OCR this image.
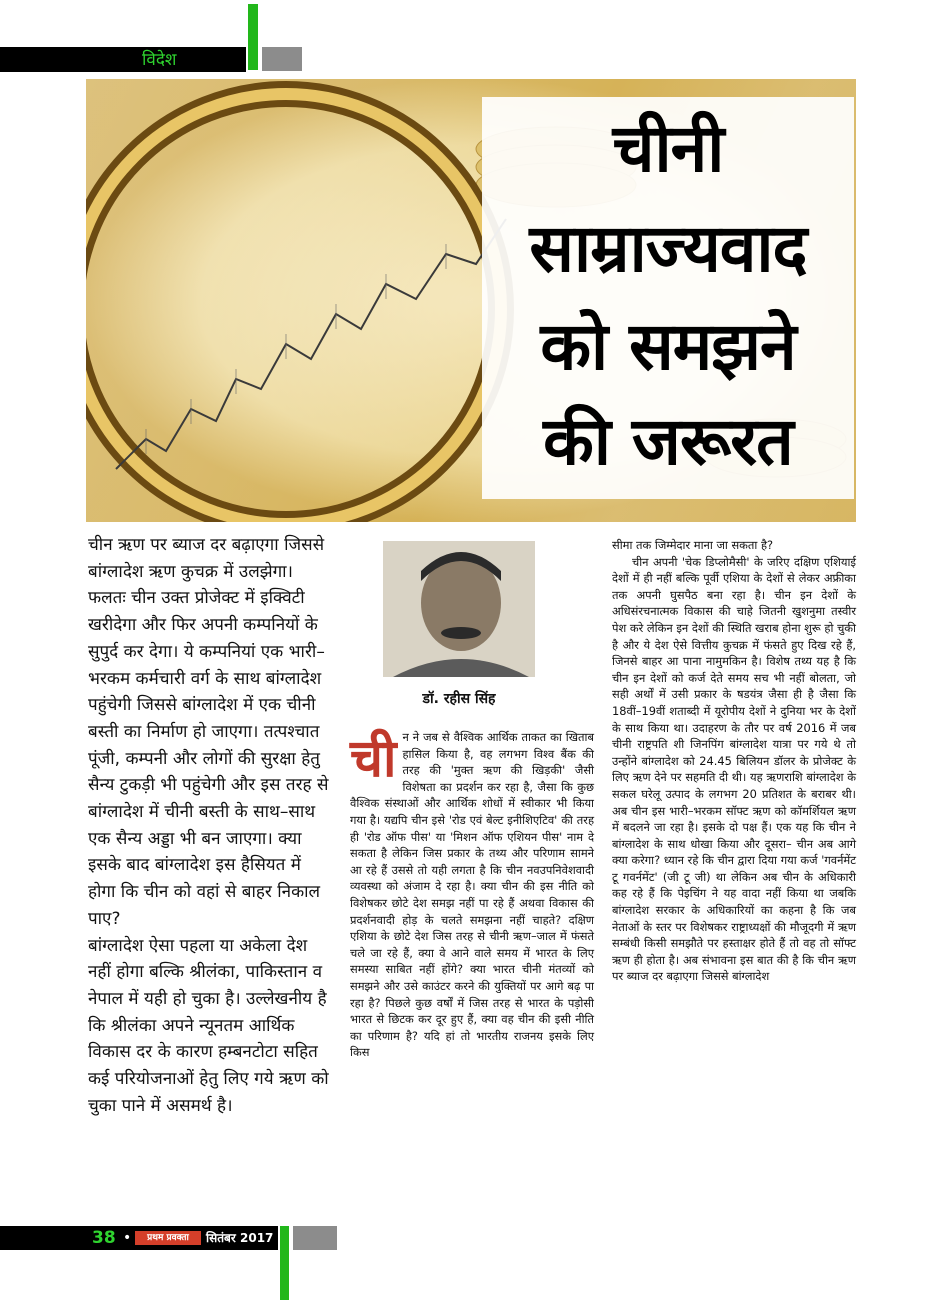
विदेश
चीनी
साम्राज्यवाद
को समझने
की जरूरत

चीन ऋण पर ब्याज दर बढ़ाएगा जिससे बांग्लादेश ऋण कुचक्र में उलझेगा। फलतः चीन उक्त प्रोजेक्ट में इक्विटी खरीदेगा और फिर अपनी कम्पनियों के सुपुर्द कर देगा। ये कम्पनियां एक भारी–भरकम कर्मचारी वर्ग के साथ बांग्लादेश पहुंचेगी जिससे बांग्लादेश में एक चीनी बस्ती का निर्माण हो जाएगा। तत्पश्चात पूंजी, कम्पनी और लोगों की सुरक्षा हेतु सैन्य टुकड़ी भी पहुंचेगी और इस तरह से बांग्लादेश में चीनी बस्ती के साथ–साथ एक सैन्य अड्डा भी बन जाएगा। क्या इसके बाद बांग्लादेश इस हैसियत में होगा कि चीन को वहां से बाहर निकाल पाए?

बांग्लादेश ऐसा पहला या अकेला देश नहीं होगा बल्कि श्रीलंका, पाकिस्तान व नेपाल में यही हो चुका है। उल्लेखनीय है कि श्रीलंका अपने न्यूनतम आर्थिक विकास दर के कारण हम्बनटोटा सहित कई परियोजनाओं हेतु लिए गये ऋण को चुका पाने में असमर्थ है।

डॉ. रहीस सिंह
ची न ने जब से वैश्विक आर्थिक ताकत का खिताब हासिल किया है, वह लगभग विश्व बैंक की तरह की 'मुक्त ऋण की खिड़की' जैसी विशेषता का प्रदर्शन कर रहा है, जैसा कि कुछ वैश्विक संस्थाओं और आर्थिक शोधों में स्वीकार भी किया गया है। यद्यपि चीन इसे 'रोड एवं बेल्ट इनीशिएटिव' की तरह ही 'रोड ऑफ पीस' या 'मिशन ऑफ एशियन पीस' नाम दे सकता है लेकिन जिस प्रकार के तथ्य और परिणाम सामने आ रहे हैं उससे तो यही लगता है कि चीन नवउपनिवेशवादी व्यवस्था को अंजाम दे रहा है। क्या चीन की इस नीति को विशेषकर छोटे देश समझ नहीं पा रहे हैं अथवा विकास की प्रदर्शनवादी होड़ के चलते समझना नहीं चाहते? दक्षिण एशिया के छोटे देश जिस तरह से चीनी ऋण–जाल में फंसते चले जा रहे हैं, क्या वे आने वाले समय में भारत के लिए समस्या साबित नहीं होंगे? क्या भारत चीनी मंतव्यों को समझने और उसे काउंटर करने की युक्तियों पर आगे बढ़ पा रहा है? पिछले कुछ वर्षों में जिस तरह से भारत के पड़ोसी भारत से छिटक कर दूर हुए हैं, क्या वह चीन की इसी नीति का परिणाम है? यदि हां तो भारतीय राजनय इसके लिए किस

सीमा तक जिम्मेदार माना जा सकता है?

चीन अपनी 'चेक डिप्लोमैसी' के जरिए दक्षिण एशियाई देशों में ही नहीं बल्कि पूर्वी एशिया के देशों से लेकर अफ्रीका तक अपनी घुसपैठ बना रहा है। चीन इन देशों के अधिसंरचनात्मक विकास की चाहे जितनी खुशनुमा तस्वीर पेश करे लेकिन इन देशों की स्थिति खराब होना शुरू हो चुकी है और ये देश ऐसे वित्तीय कुचक्र में फंसते हुए दिख रहे हैं, जिनसे बाहर आ पाना नामुमकिन है। विशेष तथ्य यह है कि चीन इन देशों को कर्ज देते समय सच भी नहीं बोलता, जो सही अर्थों में उसी प्रकार के षडयंत्र जैसा ही है जैसा कि 18वीं–19वीं शताब्दी में यूरोपीय देशों ने दुनिया भर के देशों के साथ किया था। उदाहरण के तौर पर वर्ष 2016 में जब चीनी राष्ट्रपति शी जिनपिंग बांग्लादेश यात्रा पर गये थे तो उन्होंने बांग्लादेश को 24.45 बिलियन डॉलर के प्रोजेक्ट के लिए ऋण देने पर सहमति दी थी। यह ऋणराशि बांग्लादेश के सकल घरेलू उत्पाद के लगभग 20 प्रतिशत के बराबर थी। अब चीन इस भारी–भरकम सॉफ्ट ऋण को कॉमर्शियल ऋण में बदलने जा रहा है। इसके दो पक्ष हैं। एक यह कि चीन ने बांग्लादेश के साथ धोखा किया और दूसरा– चीन अब आगे क्या करेगा? ध्यान रहे कि चीन द्वारा दिया गया कर्ज 'गवर्नमेंट टू गवर्नमेंट' (जी टू जी) था लेकिन अब चीन के अधिकारी कह रहे हैं कि पेइचिंग ने यह वादा नहीं किया था जबकि बांग्लादेश सरकार के अधिकारियों का कहना है कि जब नेताओं के स्तर पर विशेषकर राष्ट्राध्यक्षों की मौजूदगी में ऋण सम्बंधी किसी समझौते पर हस्ताक्षर होते हैं तो वह तो सॉफ्ट ऋण ही होता है। अब संभावना इस बात की है कि चीन ऋण पर ब्याज दर बढ़ाएगा जिससे बांग्लादेश

38 •	प्रथम प्रवक्ता	सितंबर 2017
